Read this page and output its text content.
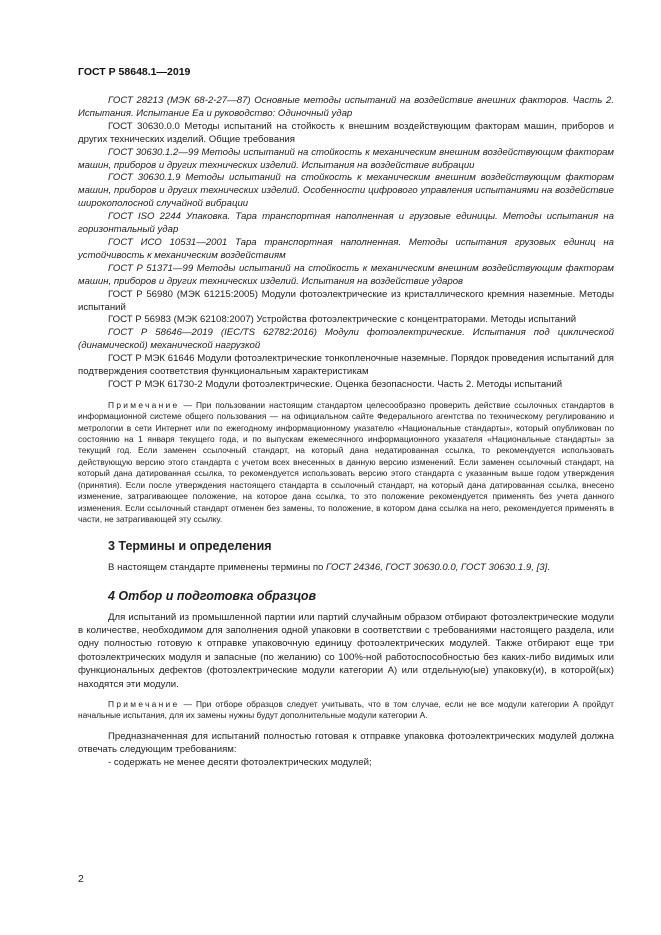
ГОСТ Р 58648.1—2019

ГОСТ 28213 (МЭК 68-2-27—87) Основные методы испытаний на воздействие внешних факторов. Часть 2. Испытания. Испытание Еа и руководство: Одиночный удар

ГОСТ 30630.0.0 Методы испытаний на стойкость к внешним воздействующим факторам машин, приборов и других технических изделий. Общие требования

ГОСТ 30630.1.2—99 Методы испытаний на стойкость к механическим внешним воздействующим факторам машин, приборов и других технических изделий. Испытания на воздействие вибрации

ГОСТ 30630.1.9 Методы испытаний на стойкость к механическим внешним воздействующим факторам машин, приборов и других технических изделий. Особенности цифрового управления испытаниями на воздействие широкополосной случайной вибрации

ГОСТ ISO 2244 Упаковка. Тара транспортная наполненная и грузовые единицы. Методы испытания на горизонтальный удар

ГОСТ ИСО 10531—2001 Тара транспортная наполненная. Методы испытания грузовых единиц на устойчивость к механическим воздействиям

ГОСТ Р 51371—99 Методы испытаний на стойкость к механическим внешним воздействующим факторам машин, приборов и других технических изделий. Испытания на воздействие ударов

ГОСТ Р 56980 (МЭК 61215:2005) Модули фотоэлектрические из кристаллического кремния наземные. Методы испытаний

ГОСТ Р 56983 (МЭК 62108:2007) Устройства фотоэлектрические с концентраторами. Методы испытаний

ГОСТ Р 58646—2019 (IEC/TS 62782:2016) Модули фотоэлектрические. Испытания под циклической (динамической) механической нагрузкой

ГОСТ Р МЭК 61646 Модули фотоэлектрические тонкопленочные наземные. Порядок проведения испытаний для подтверждения соответствия функциональным характеристикам

ГОСТ Р МЭК 61730-2 Модули фотоэлектрические. Оценка безопасности. Часть 2. Методы испытаний

Примечание — При пользовании настоящим стандартом целесообразно проверить действие ссылочных стандартов в информационной системе общего пользования — на официальном сайте Федерального агентства по техническому регулированию и метрологии в сети Интернет или по ежегодному информационному указателю «Национальные стандарты», который опубликован по состоянию на 1 января текущего года, и по выпускам ежемесячного информационного указателя «Национальные стандарты» за текущий год. Если заменен ссылочный стандарт, на который дана недатированная ссылка, то рекомендуется использовать действующую версию этого стандарта с учетом всех внесенных в данную версию изменений. Если заменен ссылочный стандарт, на который дана датированная ссылка, то рекомендуется использовать версию этого стандарта с указанным выше годом утверждения (принятия). Если после утверждения настоящего стандарта в ссылочный стандарт, на который дана датированная ссылка, внесено изменение, затрагивающее положение, на которое дана ссылка, то это положение рекомендуется применять без учета данного изменения. Если ссылочный стандарт отменен без замены, то положение, в котором дана ссылка на него, рекомендуется применять в части, не затрагивающей эту ссылку.

3 Термины и определения

В настоящем стандарте применены термины по ГОСТ 24346, ГОСТ 30630.0.0, ГОСТ 30630.1.9, [3].

4 Отбор и подготовка образцов

Для испытаний из промышленной партии или партий случайным образом отбирают фотоэлектрические модули в количестве, необходимом для заполнения одной упаковки в соответствии с требованиями настоящего раздела, или одну полностью готовую к отправке упаковочную единицу фотоэлектрических модулей. Также отбирают еще три фотоэлектрических модуля и запасные (по желанию) со 100%-ной работоспособностью без каких-либо видимых или функциональных дефектов (фотоэлектрические модули категории А) или отдельную(ые) упаковку(и), в которой(ых) находятся эти модули.

Примечание — При отборе образцов следует учитывать, что в том случае, если не все модули категории А пройдут начальные испытания, для их замены нужны будут дополнительные модули категории А.

Предназначенная для испытаний полностью готовая к отправке упаковка фотоэлектрических модулей должна отвечать следующим требованиям:

- содержать не менее десяти фотоэлектрических модулей;

2
